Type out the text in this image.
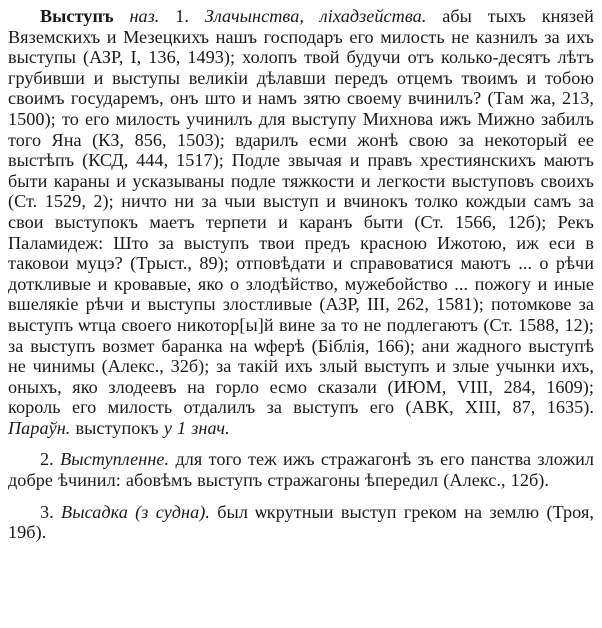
Выступъ наз. 1. Злачынства, ліхадзейства. абы тыхъ князей Вяземскихъ и Мезецкихъ нашъ господаръ его милость не казнилъ за ихъ выступы (АЗР, I, 136, 1493); холопъ твой будучи отъ колько-десятъ лѣтъ грубивши и выступы великіи дѣлавши передъ отцемъ твоимъ и тобою своимъ государемъ, онъ што и намъ зятю своему вчинилъ? (Там жа, 213, 1500); то его милость учинилъ для выступу Михнова ижъ Мижно забилъ того Яна (КЗ, 856, 1503); вдарилъ есми жонѣ свою за некоторый ее выстѣпъ (КСД, 444, 1517); Подле звычая и правъ хрестиянскихъ маютъ быти караны и усказываны подле тяжкости и легкости выступовъ своихъ (Ст. 1529, 2); ничто ни за чыи выступ и вчинокъ толко кождыи самъ за свои выступокъ маетъ терпети и каранъ быти (Ст. 1566, 12б); Рекъ Паламидеж: Што за выступъ твои предъ красною Ижотою, иж еси в таковои муцэ? (Трыст., 89); отповѣдати и справоватися маютъ ... о рѣчи доткливые и кровавые, яко о злодѣйство, мужебойство ... пожогу и иные вшелякіе рѣчи и выступы злостливые (АЗР, III, 262, 1581); потомкове за выступъ ѡтца своего никотор[ы]й вине за то не подлегаютъ (Ст. 1588, 12); за выступъ возмет баранка на ѡферѣ (Біблія, 166); ани жадного выступѣ не чинимы (Алекс., 32б); за такій ихъ злый выступъ и злые учынки ихъ, оныхъ, яко злодеевъ на горло есмо сказали (ИЮМ, VIII, 284, 1609); король его милость отдалилъ за выступъ его (АВК, XIII, 87, 1635). Параўн. выступокъ у 1 знач.

2. Выступленне. для того теж ижъ стражагонѣ зъ его панства зложил добре ѣчинил: абовѣмъ выступъ стражагоны ѣпередил (Алекс., 12б).

3. Высадка (з судна). был ѡкрутныи выступ греком на землю (Троя, 19б).
